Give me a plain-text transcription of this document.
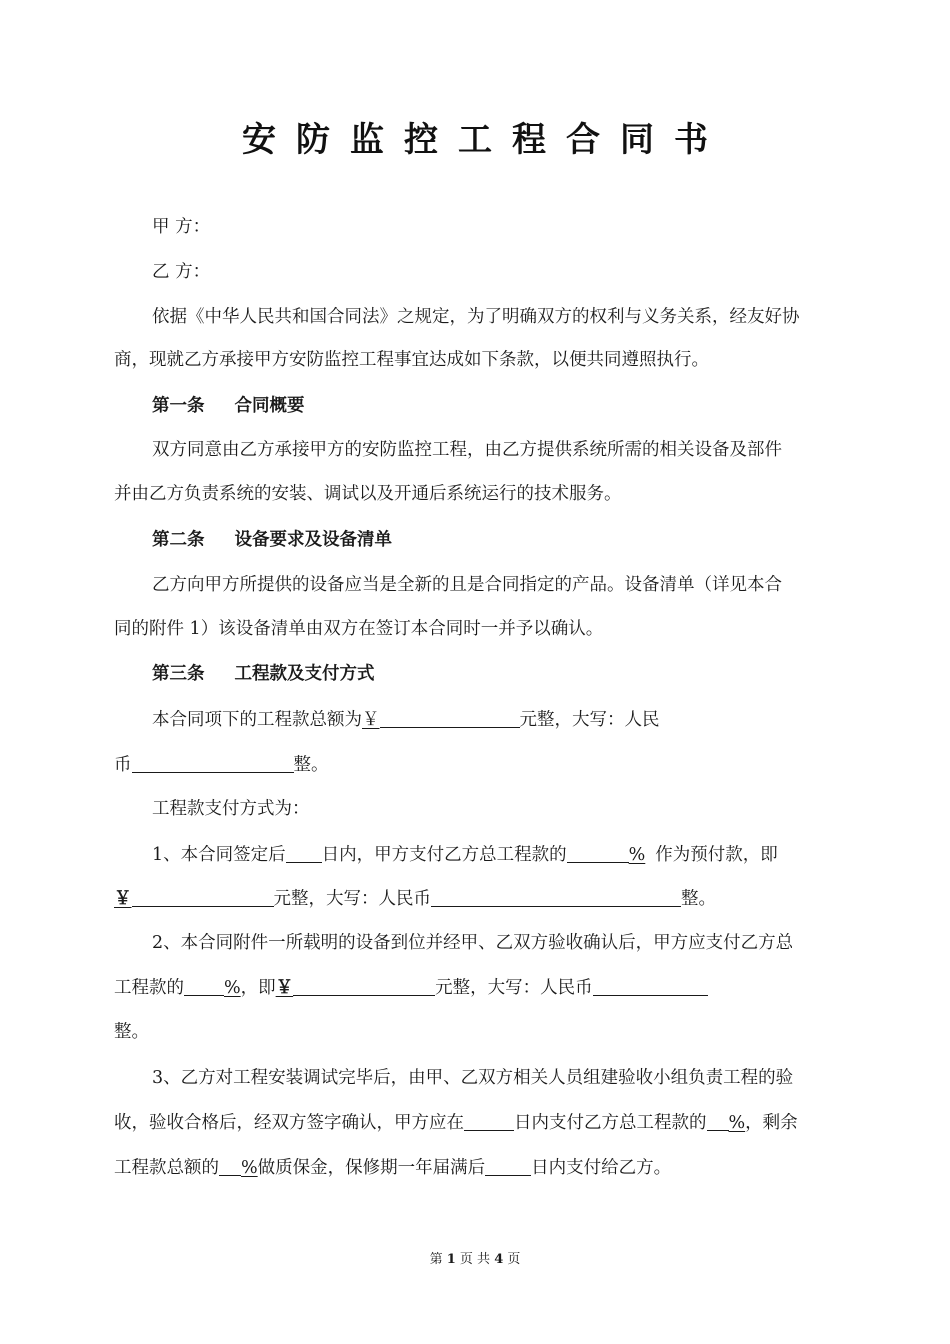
安防监控工程合同书
甲 方：
乙 方：
依据《中华人民共和国合同法》之规定，为了明确双方的权利与义务关系，经友好协
商，现就乙方承接甲方安防监控工程事宜达成如下条款，以便共同遵照执行。
第一条 合同概要
双方同意由乙方承接甲方的安防监控工程，由乙方提供系统所需的相关设备及部件
并由乙方负责系统的安装、调试以及开通后系统运行的技术服务。
第二条 设备要求及设备清单
乙方向甲方所提供的设备应当是全新的且是合同指定的产品。设备清单（详见本合
同的附件 1）该设备清单由双方在签订本合同时一并予以确认。
第三条 工程款及支付方式
本合同项下的工程款总额为￥	元整，大写：人民
币	整。
工程款支付方式为：
1、本合同签定后 日内，甲方支付乙方总工程款的	% 作为预付款，即
￥	元整，大写：人民币	整。
2、本合同附件一所载明的设备到位并经甲、乙双方验收确认后，甲方应支付乙方总
工程款的 %，即￥	元整，大写：人民币
整。
3、乙方对工程安装调试完毕后，由甲、乙双方相关人员组建验收小组负责工程的验
收，验收合格后，经双方签字确认，甲方应在	日内支付乙方总工程款的 %，剩余
工程款总额的 %做质保金，保修期一年届满后	日内支付给乙方。
第 1 页 共 4 页
